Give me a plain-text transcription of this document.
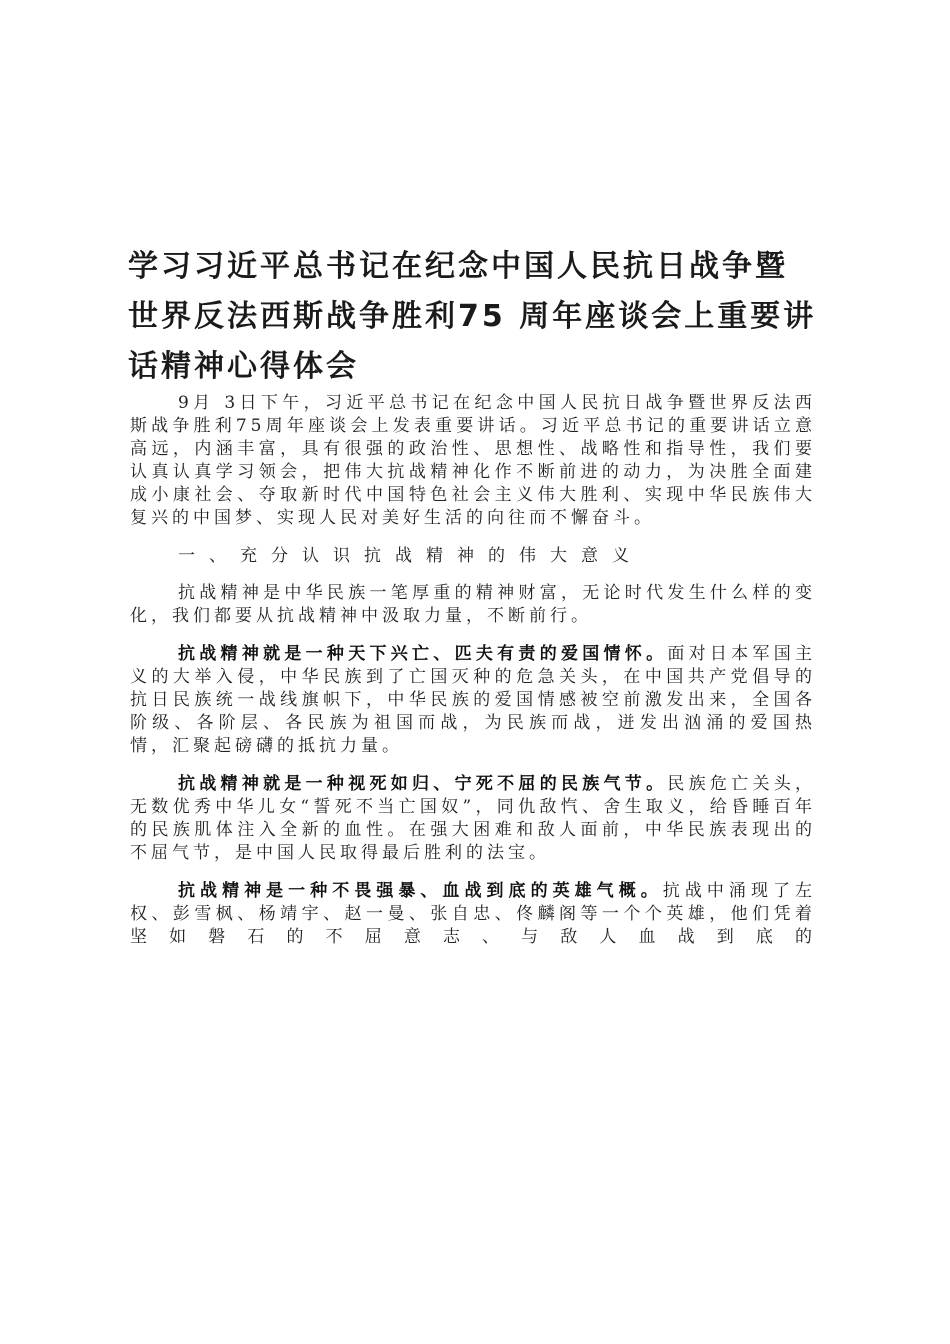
学习习近平总书记在纪念中国人民抗日战争暨
世界反法西斯战争胜利75 周年座谈会上重要讲
话精神心得体会

9月 3日下午，习近平总书记在纪念中国人民抗日战争暨世界反法西斯战争胜利75周年座谈会上发表重要讲话。习近平总书记的重要讲话立意高远，内涵丰富，具有很强的政治性、思想性、战略性和指导性，我们要认真认真学习领会，把伟大抗战精神化作不断前进的动力，为决胜全面建成小康社会、夺取新时代中国特色社会主义伟大胜利、实现中华民族伟大复兴的中国梦、实现人民对美好生活的向往而不懈奋斗。

一、充分认识抗战精神的伟大意义

抗战精神是中华民族一笔厚重的精神财富，无论时代发生什么样的变化，我们都要从抗战精神中汲取力量，不断前行。

抗战精神就是一种天下兴亡、匹夫有责的爱国情怀。面对日本军国主义的大举入侵，中华民族到了亡国灭种的危急关头，在中国共产党倡导的抗日民族统一战线旗帜下，中华民族的爱国情感被空前激发出来，全国各阶级、各阶层、各民族为祖国而战，为民族而战，迸发出汹涌的爱国热情，汇聚起磅礴的抵抗力量。

抗战精神就是一种视死如归、宁死不屈的民族气节。民族危亡关头，无数优秀中华儿女“誓死不当亡国奴”，同仇敌忾、舍生取义，给昏睡百年的民族肌体注入全新的血性。在强大困难和敌人面前，中华民族表现出的不屈气节，是中国人民取得最后胜利的法宝。

抗战精神是一种不畏强暴、血战到底的英雄气概。抗战中涌现了左权、彭雪枫、杨靖宇、赵一曼、张自忠、佟麟阁等一个个英雄，他们凭着坚如磐石的不屈意志、与敌人血战到底的
